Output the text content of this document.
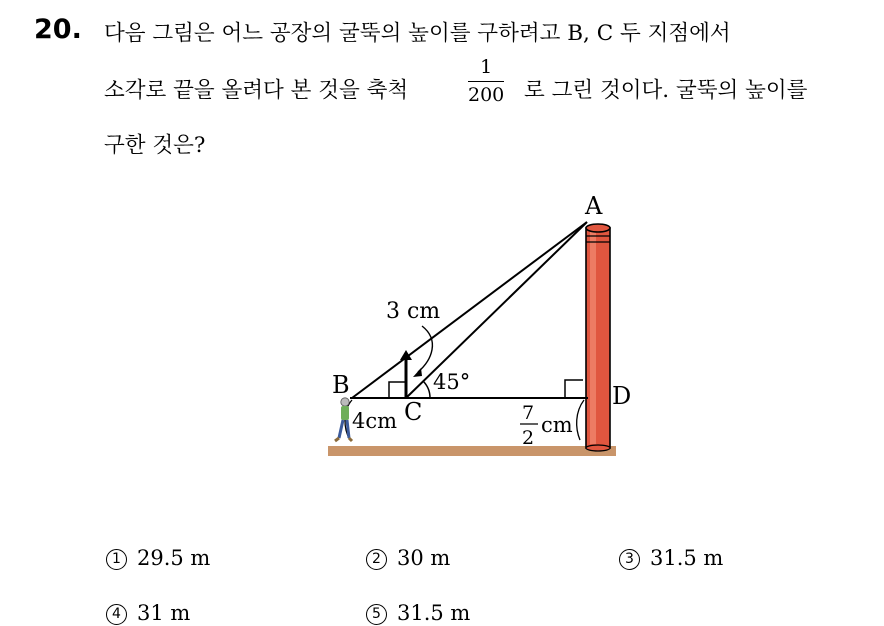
20. 다음 그림은 어느 공장의 굴뚝의 높이를 구하려고 B, C 두 지점에서
소각로 끝을 올려다 본 것을 축척
1
200 로 그린 것이다. 굴뚝의 높이를
구한 것은?
A
B
C
D
3 cm
45°
4cm	7
2
cm
1 29.5 m	2 30 m	3 31.5 m
4 31 m	5 31.5 m
